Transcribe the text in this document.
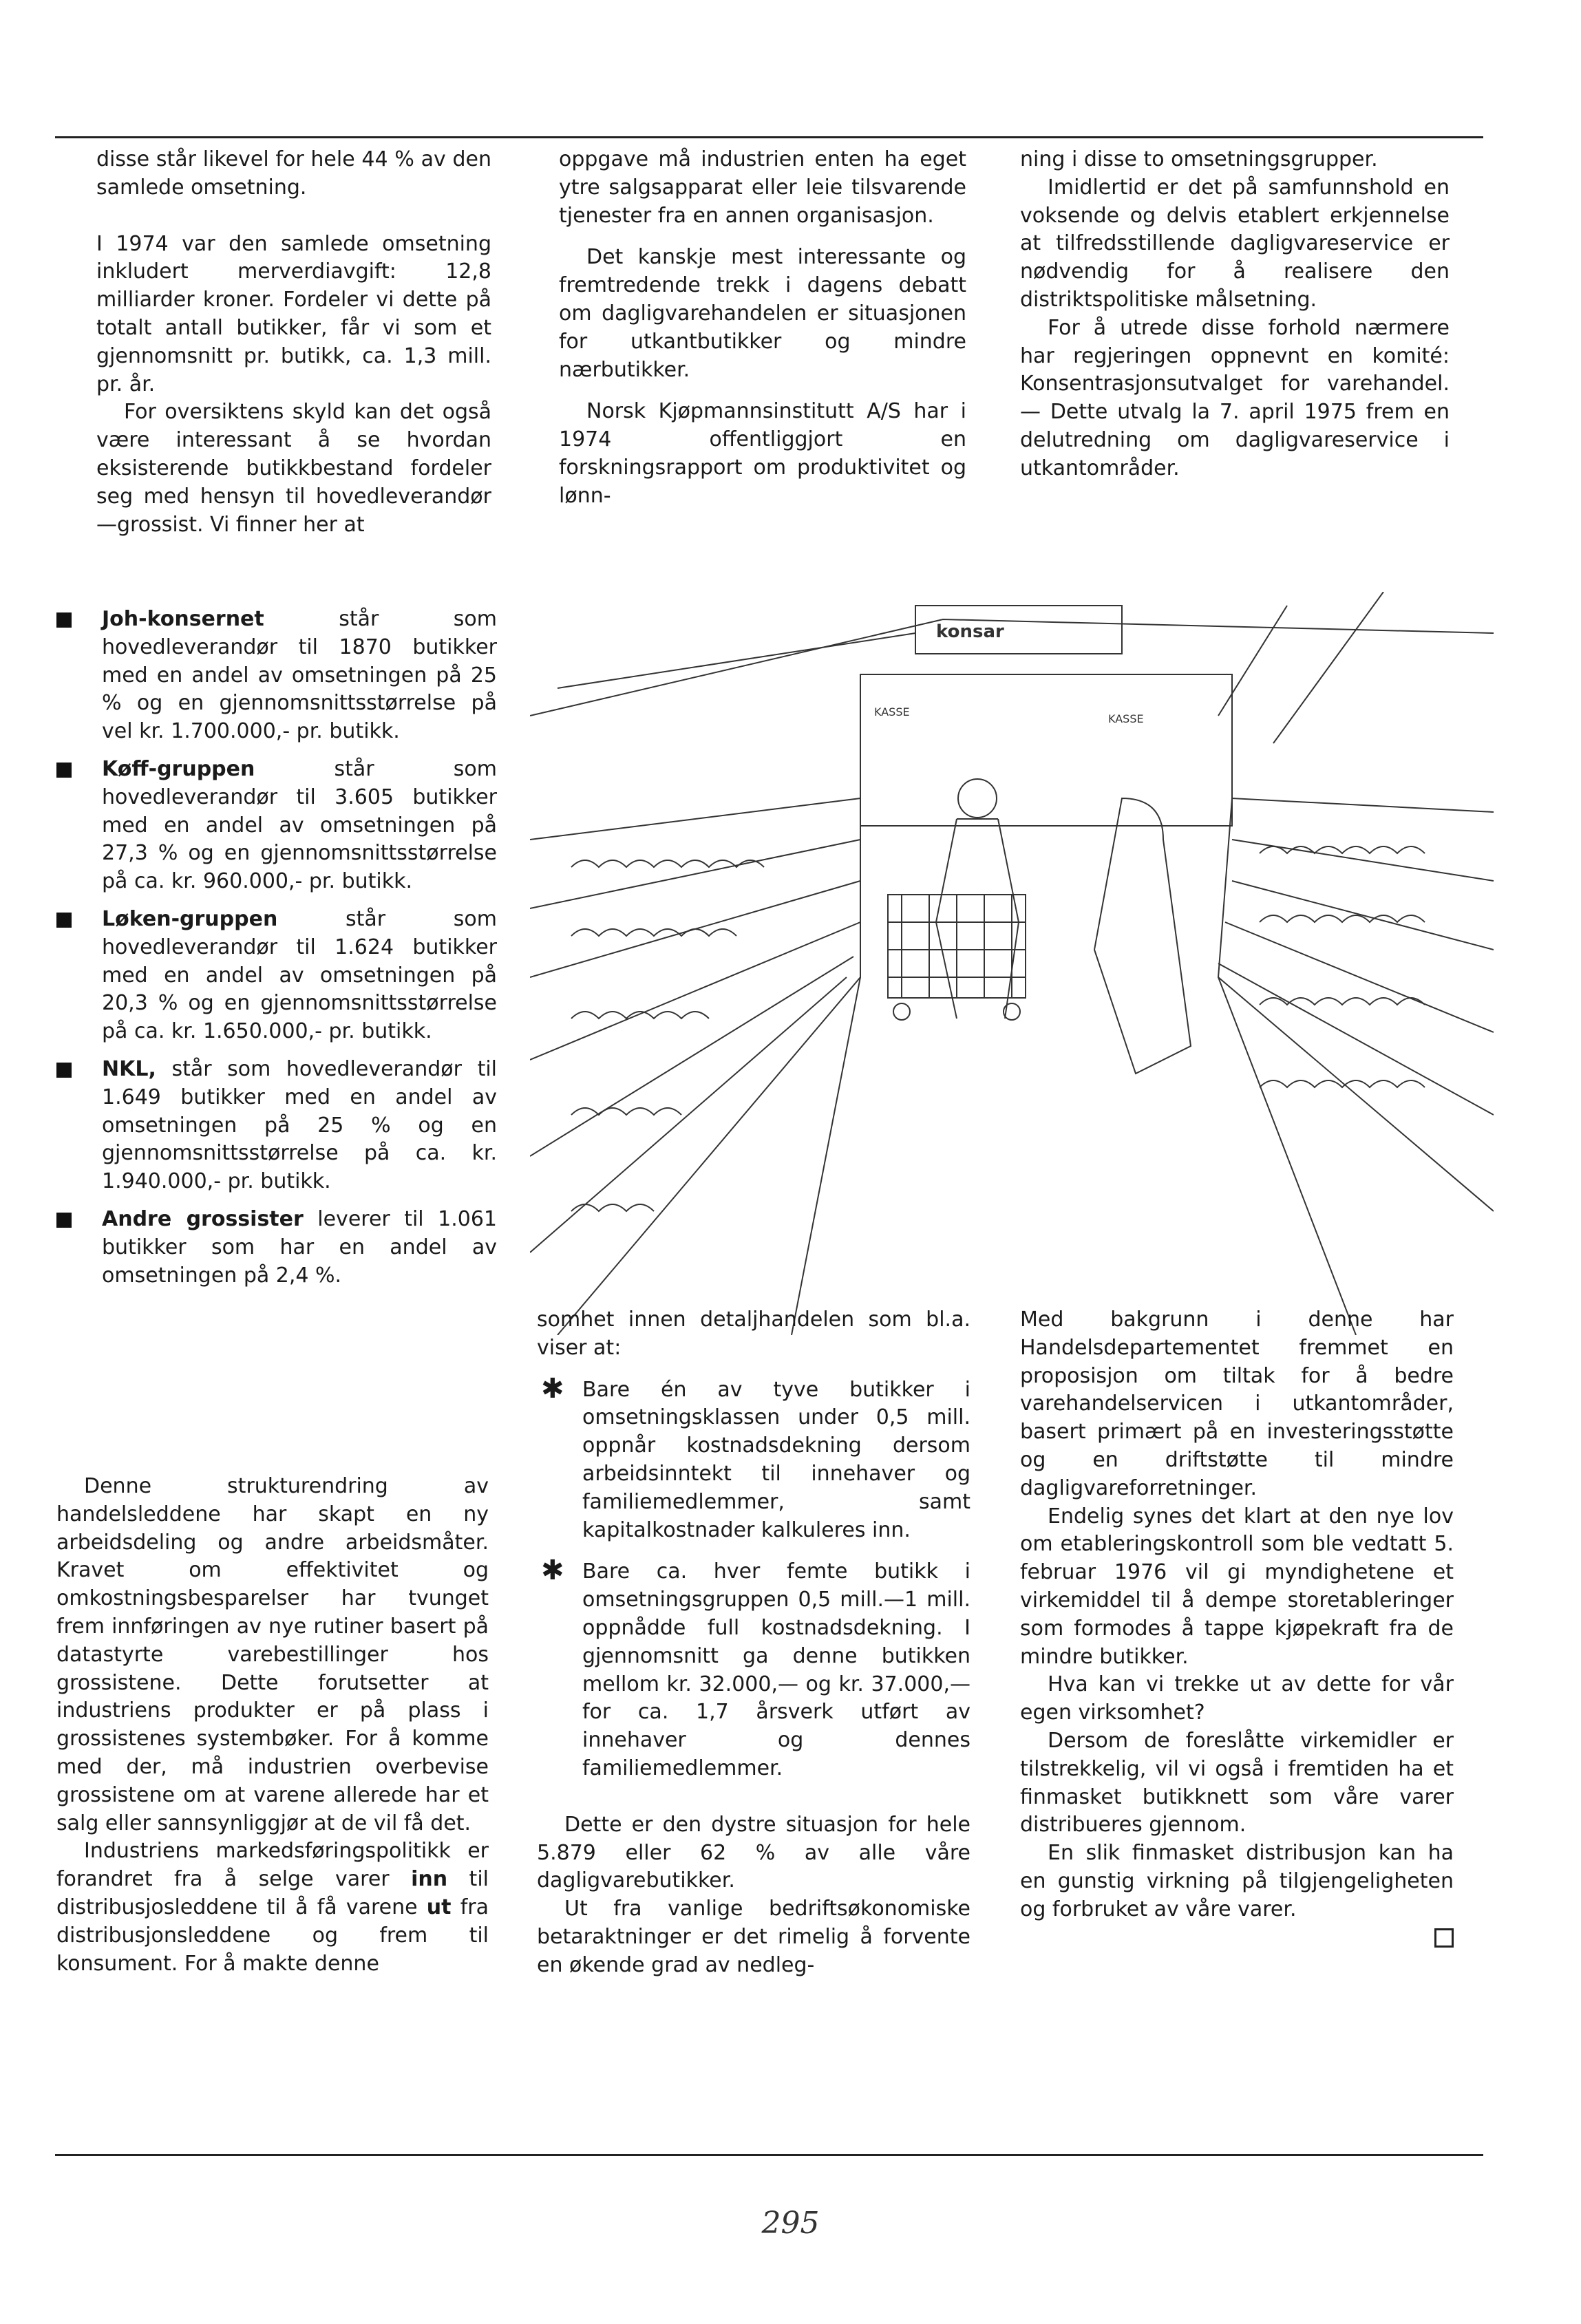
disse står likevel for hele 44 % av den samlede omsetning.

I 1974 var den samlede omsetning inkludert merverdiavgift: 12,8 milliarder kroner. Fordeler vi dette på totalt antall butikker, får vi som et gjennomsnitt pr. butikk, ca. 1,3 mill. pr. år.

For oversiktens skyld kan det også være interessant å se hvordan eksisterende butikkbestand fordeler seg med hensyn til hovedleverandør —grossist. Vi finner her at

oppgave må industrien enten ha eget ytre salgsapparat eller leie tilsvarende tjenester fra en annen organisasjon.

Det kanskje mest interessante og fremtredende trekk i dagens debatt om dagligvarehandelen er situasjonen for utkantbutikker og mindre nærbutikker.

Norsk Kjøpmannsinstitutt A/S har i 1974 offentliggjort en forskningsrapport om produktivitet og lønn-

ning i disse to omsetningsgrupper.

Imidlertid er det på samfunnshold en voksende og delvis etablert erkjennelse at tilfredsstillende dagligvareservice er nødvendig for å realisere den distriktspolitiske målsetning.

For å utrede disse forhold nærmere har regjeringen oppnevnt en komité: Konsentrasjonsutvalget for varehandel. — Dette utvalg la 7. april 1975 frem en delutredning om dagligvareservice i utkantområder.

Joh-konsernet står som hovedleverandør til 1870 butikker med en andel av omsetningen på 25 % og en gjennomsnittsstørrelse på vel kr. 1.700.000,- pr. butikk.
Køff-gruppen står som hovedleverandør til 3.605 butikker med en andel av omsetningen på 27,3 % og en gjennomsnittsstørrelse på ca. kr. 960.000,- pr. butikk.
Løken-gruppen står som hovedleverandør til 1.624 butikker med en andel av omsetningen på 20,3 % og en gjennomsnittsstørrelse på ca. kr. 1.650.000,- pr. butikk.
NKL, står som hovedleverandør til 1.649 butikker med en andel av omsetningen på 25 % og en gjennomsnittsstørrelse på ca. kr. 1.940.000,- pr. butikk.
Andre grossister leverer til 1.061 butikker som har en andel av omsetningen på 2,4 %.

Denne strukturendring av handelsleddene har skapt en ny arbeidsdeling og andre arbeidsmåter. Kravet om effektivitet og omkostningsbesparelser har tvunget frem innføringen av nye rutiner basert på datastyrte varebestillinger hos grossistene. Dette forutsetter at industriens produkter er på plass i grossistenes systembøker. For å komme med der, må industrien overbevise grossistene om at varene allerede har et salg eller sannsynliggjør at de vil få det.

Industriens markedsføringspolitikk er forandret fra å selge varer inn til distribusjosleddene til å få varene ut fra distribusjonsleddene og frem til konsument. For å makte denne

konsar
KASSE
KASSE

somhet innen detaljhandelen som bl.a. viser at:

✱ Bare én av tyve butikker i omsetningsklassen under 0,5 mill. oppnår kostnadsdekning dersom arbeidsinntekt til innehaver og familiemedlemmer, samt kapitalkostnader kalkuleres inn.
✱ Bare ca. hver femte butikk i omsetningsgruppen 0,5 mill.—1 mill. oppnådde full kostnadsdekning. I gjennomsnitt ga denne butikken mellom kr. 32.000,— og kr. 37.000,— for ca. 1,7 årsverk utført av innehaver og dennes familiemedlemmer.

Dette er den dystre situasjon for hele 5.879 eller 62 % av alle våre dagligvarebutikker.

Ut fra vanlige bedriftsøkonomiske betaraktninger er det rimelig å forvente en økende grad av nedleg-

Med bakgrunn i denne har Handelsdepartementet fremmet en proposisjon om tiltak for å bedre varehandelservicen i utkantområder, basert primært på en investeringsstøtte og en driftstøtte til mindre dagligvareforretninger.

Endelig synes det klart at den nye lov om etableringskontroll som ble vedtatt 5. februar 1976 vil gi myndighetene et virkemiddel til å dempe storetableringer som formodes å tappe kjøpekraft fra de mindre butikker.

Hva kan vi trekke ut av dette for vår egen virksomhet?

Dersom de foreslåtte virkemidler er tilstrekkelig, vil vi også i fremtiden ha et finmasket butikknett som våre varer distribueres gjennom.

En slik finmasket distribusjon kan ha en gunstig virkning på tilgjengeligheten og forbruket av våre varer.

295
